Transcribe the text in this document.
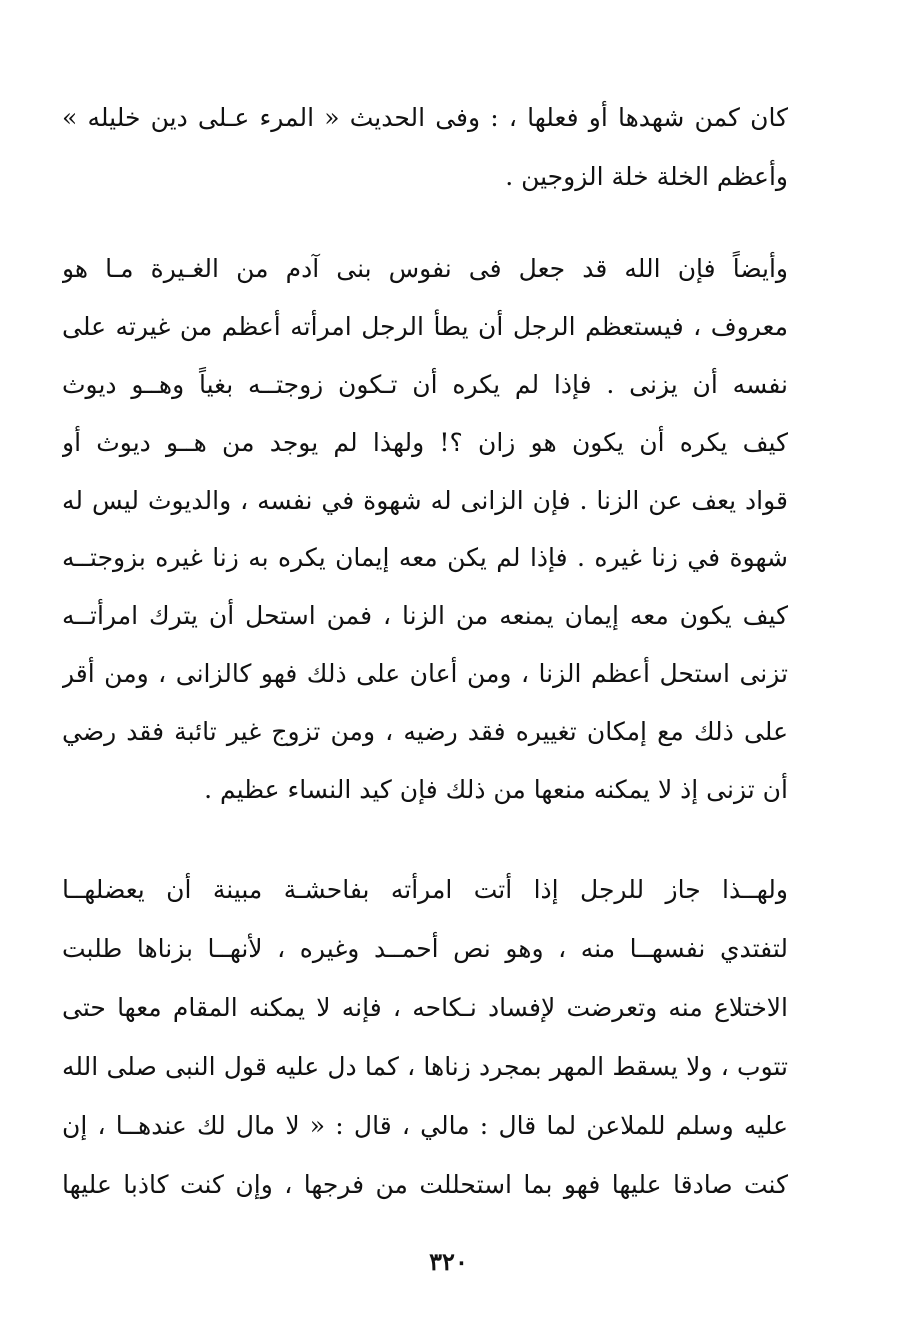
كان كمن شهدها أو فعلها ، : وفى الحديث « المرء عـلى دين خليله »
وأعظم الخلة خلة الزوجين .
وأيضاً فإن الله قد جعل فى نفوس بنى آدم من الغـيرة مـا هو
معروف ، فيستعظم الرجل أن يطأ الرجل امرأته أعظم من غيرته على
نفسه أن يزنى . فإذا لم يكره أن تـكون زوجتــه بغياً وهــو ديوث
كيف يكره أن يكون هو زان ؟! ولهذا لم يوجد من هــو ديوث أو
قواد يعف عن الزنا . فإن الزانى له شهوة في نفسه ، والديوث ليس له
شهوة في زنا غيره . فإذا لم يكن معه إيمان يكره به زنا غيره بزوجتــه
كيف يكون معه إيمان يمنعه من الزنا ، فمن استحل أن يترك امرأتــه
تزنى استحل أعظم الزنا ، ومن أعان على ذلك فهو كالزانى ، ومن أقر
على ذلك مع إمكان تغييره فقد رضيه ، ومن تزوج غير تائبة فقد رضي
أن تزنى إذ لا يمكنه منعها من ذلك فإن كيد النساء عظيم .
ولهــذا جاز للرجل إذا أتت امرأته بفاحشـة مبينة أن يعضلهــا
لتفتدي نفسهــا منه ، وهو نص أحمــد وغيره ، لأنهــا بزناها طلبت
الاختلاع منه وتعرضت لإفساد نـكاحه ، فإنه لا يمكنه المقام معها حتى
تتوب ، ولا يسقط المهر بمجرد زناها ، كما دل عليه قول النبى صلى الله
عليه وسلم للملاعن لما قال : مالي ، قال : « لا مال لك عندهــا ، إن
كنت صادقا عليها فهو بما استحللت من فرجها ، وإن كنت كاذبا عليها
٣٢٠
